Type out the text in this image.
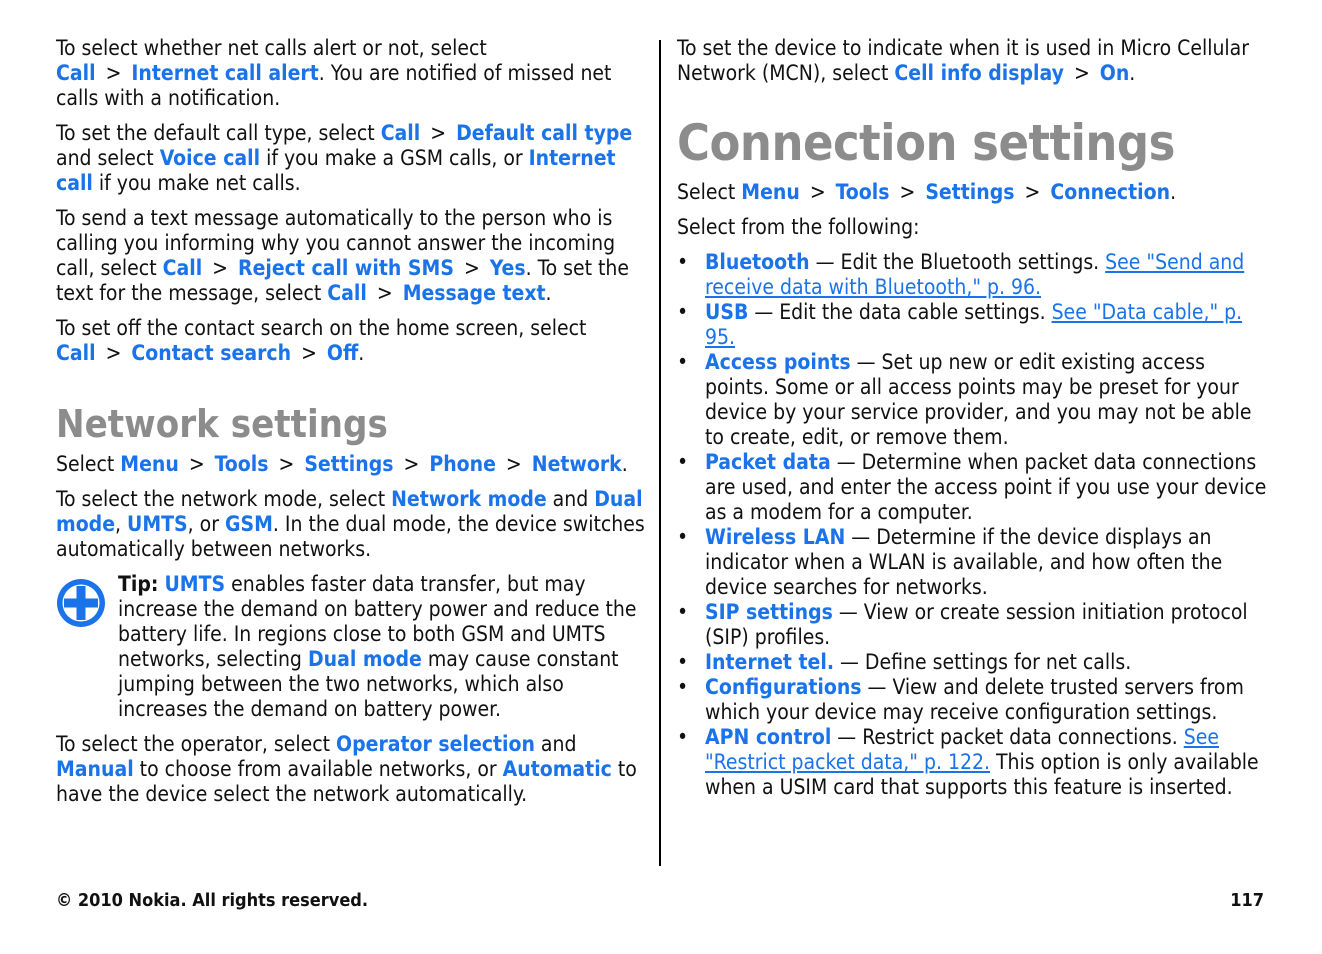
To select whether net calls alert or not, select Call > Internet call alert. You are notified of missed net calls with a notification.

To set the default call type, select Call > Default call type and select Voice call if you make a GSM calls, or Internet call if you make net calls.

To send a text message automatically to the person who is calling you informing why you cannot answer the incoming call, select Call > Reject call with SMS > Yes. To set the text for the message, select Call > Message text.

To set off the contact search on the home screen, select Call > Contact search > Off.

Network settings

Select Menu > Tools > Settings > Phone > Network.

To select the network mode, select Network mode and Dual mode, UMTS, or GSM. In the dual mode, the device switches automatically between networks.

Tip: UMTS enables faster data transfer, but may increase the demand on battery power and reduce the battery life. In regions close to both GSM and UMTS networks, selecting Dual mode may cause constant jumping between the two networks, which also increases the demand on battery power.

To select the operator, select Operator selection and Manual to choose from available networks, or Automatic to have the device select the network automatically.

To set the device to indicate when it is used in Micro Cellular Network (MCN), select Cell info display > On.

Connection settings

Select Menu > Tools > Settings > Connection.

Select from the following:

• Bluetooth — Edit the Bluetooth settings. See "Send and receive data with Bluetooth," p. 96.
• USB — Edit the data cable settings. See "Data cable," p. 95.
• Access points — Set up new or edit existing access points. Some or all access points may be preset for your device by your service provider, and you may not be able to create, edit, or remove them.
• Packet data — Determine when packet data connections are used, and enter the access point if you use your device as a modem for a computer.
• Wireless LAN — Determine if the device displays an indicator when a WLAN is available, and how often the device searches for networks.
• SIP settings — View or create session initiation protocol (SIP) profiles.
• Internet tel. — Define settings for net calls.
• Configurations — View and delete trusted servers from which your device may receive configuration settings.
• APN control — Restrict packet data connections. See "Restrict packet data," p. 122. This option is only available when a USIM card that supports this feature is inserted.
© 2010 Nokia. All rights reserved.	117
